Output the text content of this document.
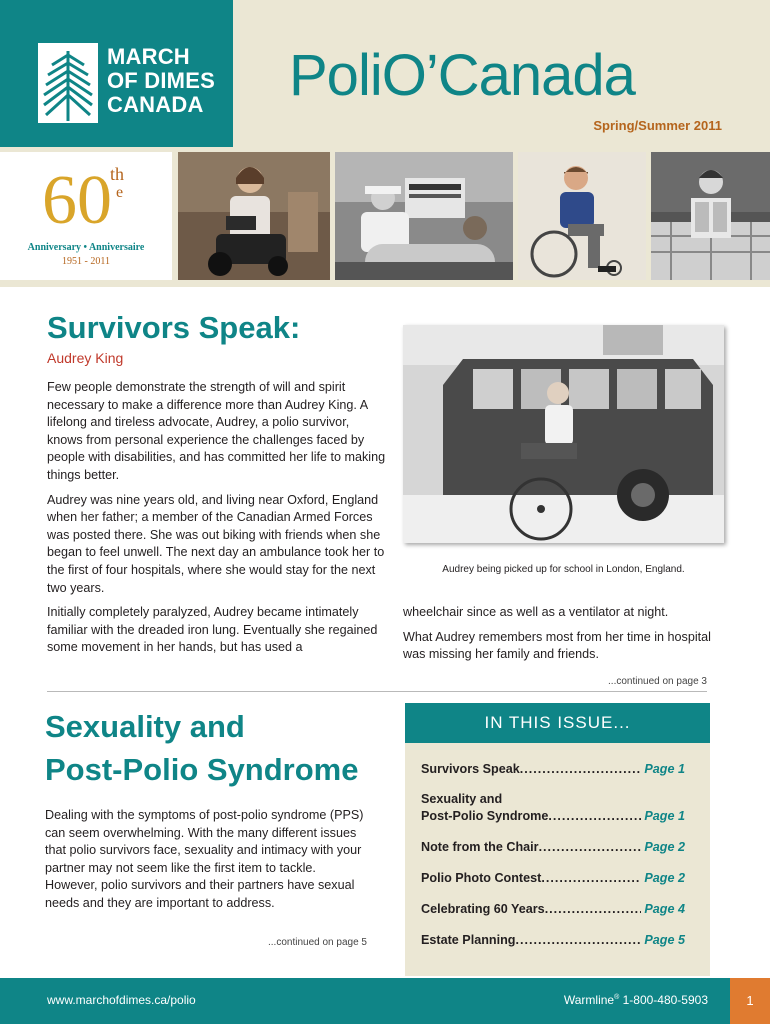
MARCH
OF DIMES
CANADA PoliO’Canada
Spring/Summer 2011
60
th
e
Anniversary • Anniversaire
1951 - 2011
Survivors Speak:
Audrey King

Few people demonstrate the strength of will and spirit necessary to make a difference more than Audrey King. A lifelong and tireless advocate, Audrey, a polio survivor, knows from personal experience the challenges faced by people with disabilities, and has committed her life to making things better.

Audrey was nine years old, and living near Oxford, England when her father; a member of the Canadian Armed Forces was posted there. She was out biking with friends when she began to feel unwell. The next day an ambulance took her to the first of four hospitals, where she would stay for the next two years.

Initially completely paralyzed, Audrey became intimately familiar with the dreaded iron lung. Eventually she regained some movement in her hands, but has used a

Audrey being picked up for school in London, England.

wheelchair since as well as a ventilator at night.

What Audrey remembers most from her time in hospital was missing her family and friends.

...continued on page 3
Sexuality and
Post-Polio Syndrome

Dealing with the symptoms of post-polio syndrome (PPS) can seem overwhelming. With the many different issues that polio survivors face, sexuality and intimacy with your partner may not seem like the first item to tackle. However, polio survivors and their partners have sexual needs and they are important to address.

...continued on page 5
IN THIS ISSUE...
Survivors Speak .....	Page 1
Sexuality and
Post-Polio Syndrome .....	Page 1
Note from the Chair .....	Page 2
Polio Photo Contest .....	Page 2
Celebrating 60 Years .....	Page 4
Estate Planning .....	Page 5
www.marchofdimes.ca/polio	Warmline® 1-800-480-5903	1
